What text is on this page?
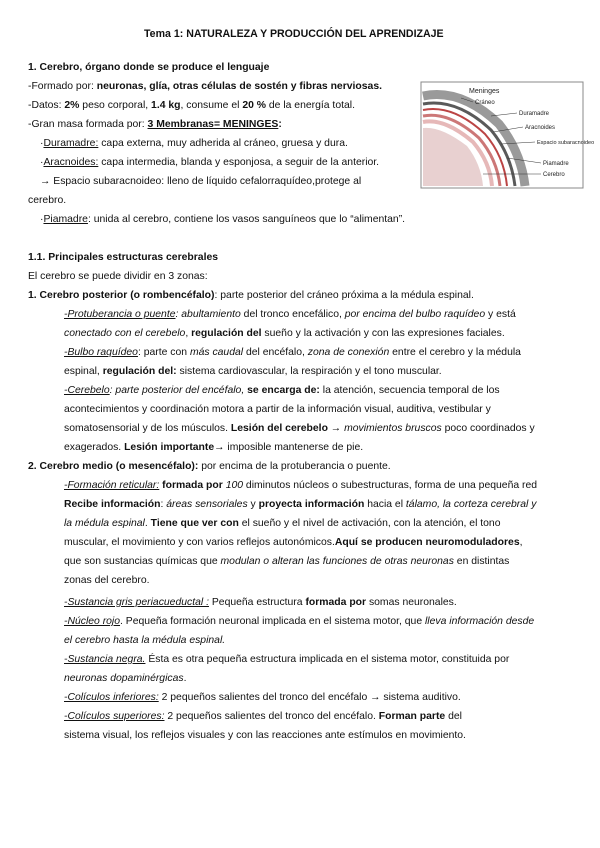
Tema 1: NATURALEZA Y PRODUCCIÓN DEL APRENDIZAJE
1. Cerebro, órgano donde se produce el lenguaje
-Formado por: neuronas, glía, otras células de sostén y fibras nerviosas.
-Datos: 2% peso corporal, 1.4 kg, consume el 20 % de la energía total.
-Gran masa formada por: 3 Membranas= MENINGES:
·Duramadre: capa externa, muy adherida al cráneo, gruesa y dura.
·Aracnoides: capa intermedia, blanda y esponjosa, a seguir de la anterior.
→ Espacio subaracnoideo: lleno de líquido cefalorraquídeo,protege al
cerebro.
·Piamadre: unida al cerebro, contiene los vasos sanguíneos que lo “alimentan”.
Meninges
Cráneo
Duramadre
Aracnoides
Espacio subaracnoideo
Piamadre
Cerebro
1.1. Principales estructuras cerebrales
El cerebro se puede dividir en 3 zonas:
1. Cerebro posterior (o rombencéfalo): parte posterior del cráneo próxima a la médula espinal.
-Protuberancia o puente: abultamiento del tronco encefálico, por encima del bulbo raquídeo y está
conectado con el cerebelo, regulación del sueño y la activación y con las expresiones faciales.
-Bulbo raquídeo: parte con más caudal del encéfalo, zona de conexión entre el cerebro y la médula
espinal, regulación del: sistema cardiovascular, la respiración y el tono muscular.
-Cerebelo: parte posterior del encéfalo, se encarga de: la atención, secuencia temporal de los
acontecimientos y coordinación motora a partir de la información visual, auditiva, vestibular y
somatosensorial y de los músculos. Lesión del cerebelo → movimientos bruscos poco coordinados y
exagerados. Lesión importante→ imposible mantenerse de pie.
2. Cerebro medio (o mesencéfalo): por encima de la protuberancia o puente.
-Formación reticular: formada por 100 diminutos núcleos o subestructuras, forma de una pequeña red
Recibe información: áreas sensoriales y proyecta información hacia el tálamo, la corteza cerebral y
la médula espinal. Tiene que ver con el sueño y el nivel de activación, con la atención, el tono
muscular, el movimiento y con varios reflejos autonómicos.Aquí se producen neuromoduladores,
que son sustancias químicas que modulan o alteran las funciones de otras neuronas en distintas
zonas del cerebro.
-Sustancia gris periacueductal : Pequeña estructura formada por somas neuronales.
-Núcleo rojo. Pequeña formación neuronal implicada en el sistema motor, que lleva información desde
el cerebro hasta la médula espinal.
-Sustancia negra. Ésta es otra pequeña estructura implicada en el sistema motor, constituida por
neuronas dopaminérgicas.
-Colículos inferiores: 2 pequeños salientes del tronco del encéfalo → sistema auditivo.
-Colículos superiores: 2 pequeños salientes del tronco del encéfalo. Forman parte del
sistema visual, los reflejos visuales y con las reacciones ante estímulos en movimiento.
